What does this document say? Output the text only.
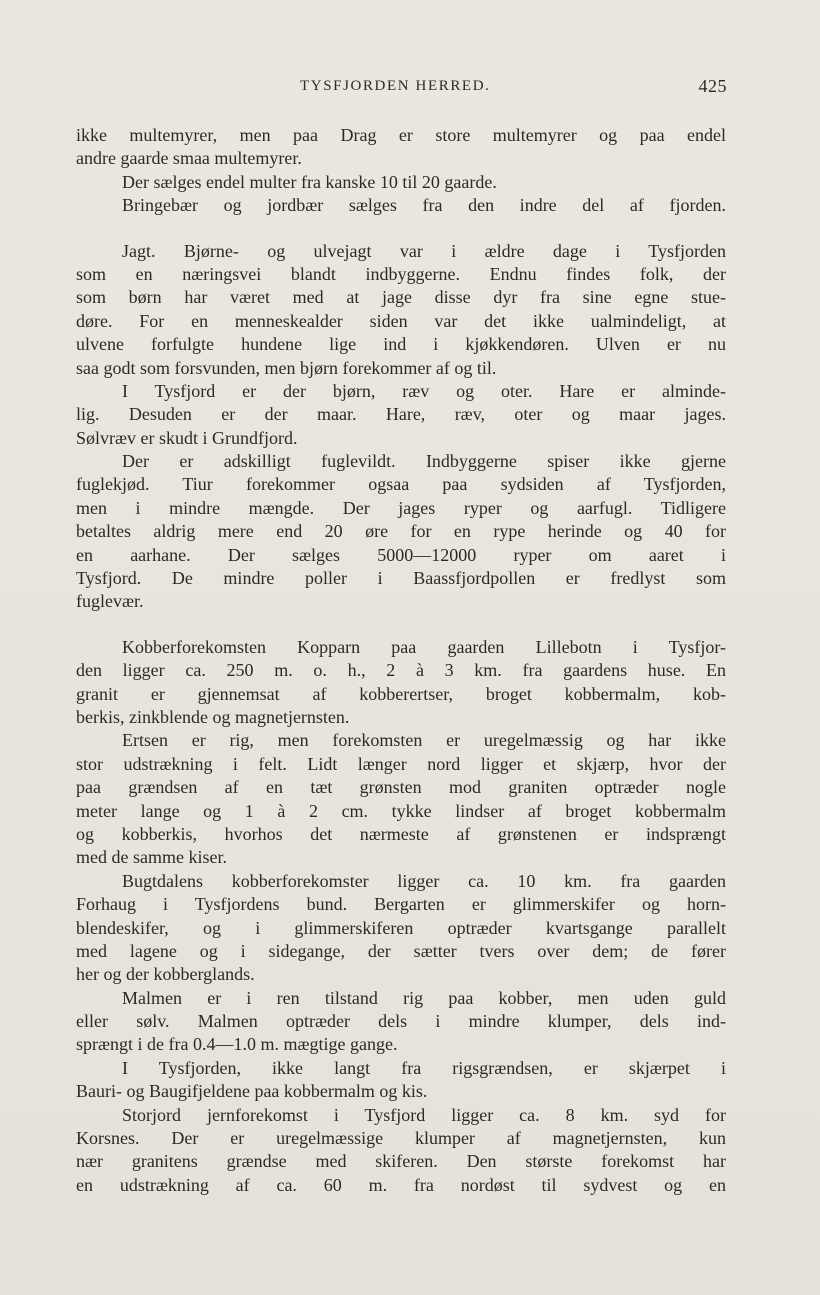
TYSFJORDEN HERRED.	425
ikke multemyrer, men paa Drag er store multemyrer og paa endel
andre gaarde smaa multemyrer.
Der sælges endel multer fra kanske 10 til 20 gaarde.
Bringebær og jordbær sælges fra den indre del af fjorden.
Jagt. Bjørne- og ulvejagt var i ældre dage i Tysfjorden
som en næringsvei blandt indbyggerne. Endnu findes folk, der
som børn har været med at jage disse dyr fra sine egne stue-
døre. For en menneskealder siden var det ikke ualmindeligt, at
ulvene forfulgte hundene lige ind i kjøkkendøren. Ulven er nu
saa godt som forsvunden, men bjørn forekommer af og til.
I Tysfjord er der bjørn, ræv og oter. Hare er alminde-
lig. Desuden er der maar. Hare, ræv, oter og maar jages.
Sølvræv er skudt i Grundfjord.
Der er adskilligt fuglevildt. Indbyggerne spiser ikke gjerne
fuglekjød. Tiur forekommer ogsaa paa sydsiden af Tysfjorden,
men i mindre mængde. Der jages ryper og aarfugl. Tidligere
betaltes aldrig mere end 20 øre for en rype herinde og 40 for
en aarhane. Der sælges 5000—12000 ryper om aaret i
Tysfjord. De mindre poller i Baassfjordpollen er fredlyst som
fuglevær.
Kobberforekomsten Kopparn paa gaarden Lillebotn i Tysfjor-
den ligger ca. 250 m. o. h., 2 à 3 km. fra gaardens huse. En
granit er gjennemsat af kobberertser, broget kobbermalm, kob-
berkis, zinkblende og magnetjernsten.
Ertsen er rig, men forekomsten er uregelmæssig og har ikke
stor udstrækning i felt. Lidt længer nord ligger et skjærp, hvor der
paa grændsen af en tæt grønsten mod graniten optræder nogle
meter lange og 1 à 2 cm. tykke lindser af broget kobbermalm
og kobberkis, hvorhos det nærmeste af grønstenen er indsprængt
med de samme kiser.
Bugtdalens kobberforekomster ligger ca. 10 km. fra gaarden
Forhaug i Tysfjordens bund. Bergarten er glimmerskifer og horn-
blendeskifer, og i glimmerskiferen optræder kvartsgange parallelt
med lagene og i sidegange, der sætter tvers over dem; de fører
her og der kobberglands.
Malmen er i ren tilstand rig paa kobber, men uden guld
eller sølv. Malmen optræder dels i mindre klumper, dels ind-
sprængt i de fra 0.4—1.0 m. mægtige gange.
I Tysfjorden, ikke langt fra rigsgrændsen, er skjærpet i
Bauri- og Baugifjeldene paa kobbermalm og kis.
Storjord jernforekomst i Tysfjord ligger ca. 8 km. syd for
Korsnes. Der er uregelmæssige klumper af magnetjernsten, kun
nær granitens grændse med skiferen. Den største forekomst har
en udstrækning af ca. 60 m. fra nordøst til sydvest og en
